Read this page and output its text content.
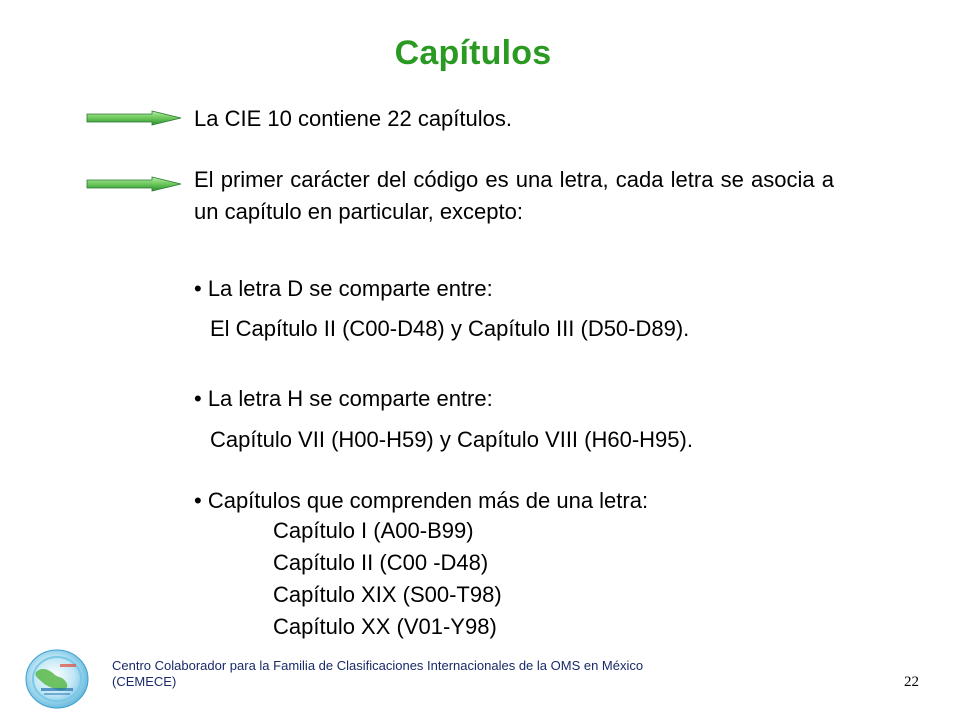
Capítulos
La CIE 10 contiene 22 capítulos.
El primer carácter del código es una letra, cada letra se asocia a un capítulo en particular, excepto:
• La letra D se comparte entre:
El Capítulo II (C00-D48) y Capítulo III (D50-D89).
• La letra H se comparte entre:
Capítulo VII (H00-H59) y Capítulo VIII (H60-H95).
• Capítulos que comprenden más de una letra:
Capítulo I (A00-B99)
Capítulo II (C00 -D48)
Capítulo XIX (S00-T98)
Capítulo XX (V01-Y98)
Centro Colaborador para la Familia de Clasificaciones Internacionales de la OMS en México (CEMECE)	22
